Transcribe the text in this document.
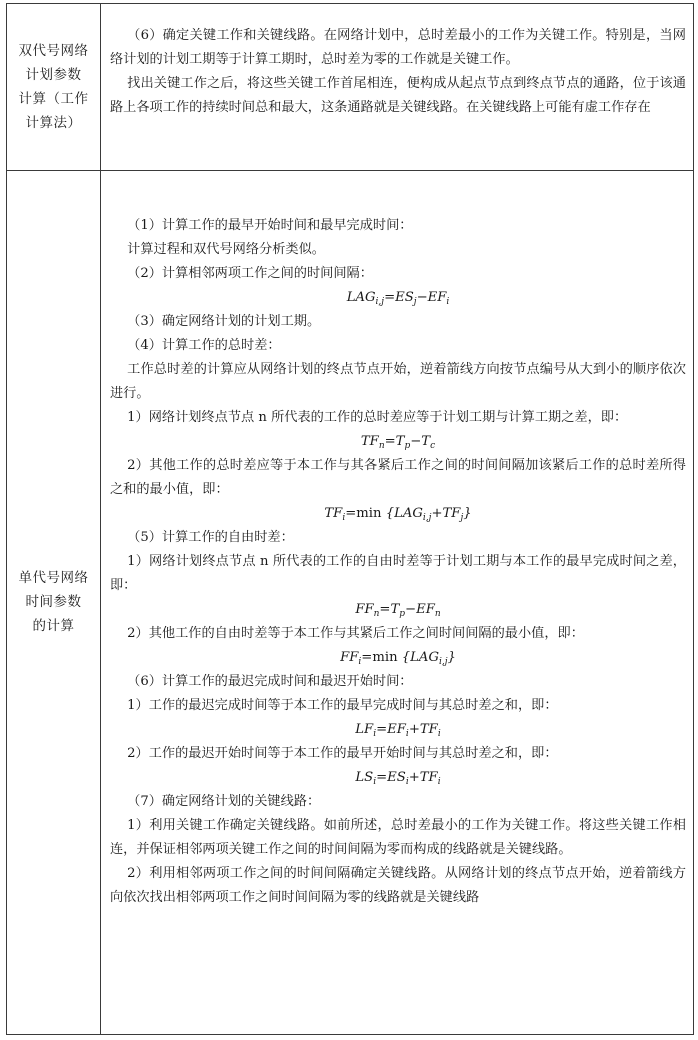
双代号网络
计划参数
计算（工作
计算法）

（6）确定关键工作和关键线路。在网络计划中，总时差最小的工作为关键工作。特别是，当网络计划的计划工期等于计算工期时，总时差为零的工作就是关键工作。

找出关键工作之后，将这些关键工作首尾相连，便构成从起点节点到终点节点的通路，位于该通路上各项工作的持续时间总和最大，这条通路就是关键线路。在关键线路上可能有虚工作存在

单代号网络
时间参数
的计算

（1）计算工作的最早开始时间和最早完成时间：

计算过程和双代号网络分析类似。

（2）计算相邻两项工作之间的时间间隔：

$LAG_{i,j}=ES_j-EF_i$

（3）确定网络计划的计划工期。

（4）计算工作的总时差：

工作总时差的计算应从网络计划的终点节点开始，逆着箭线方向按节点编号从大到小的顺序依次进行。

1）网络计划终点节点 n 所代表的工作的总时差应等于计划工期与计算工期之差，即：

$TF_n=T_p-T_c$

2）其他工作的总时差应等于本工作与其各紧后工作之间的时间间隔加该紧后工作的总时差所得之和的最小值，即：

$TF_i=\min$ $\{LAG_{i,j}+TF_j\}$

（5）计算工作的自由时差：

1）网络计划终点节点 n 所代表的工作的自由时差等于计划工期与本工作的最早完成时间之差，即：

$FF_n=T_p-EF_n$

2）其他工作的自由时差等于本工作与其紧后工作之间时间间隔的最小值，即：

$FF_i=\min$ $\{LAG_{i,j}\}$

（6）计算工作的最迟完成时间和最迟开始时间：

1）工作的最迟完成时间等于本工作的最早完成时间与其总时差之和，即：

$LF_i=EF_i+TF_i$

2）工作的最迟开始时间等于本工作的最早开始时间与其总时差之和，即：

$LS_i=ES_i+TF_i$

（7）确定网络计划的关键线路：

1）利用关键工作确定关键线路。如前所述，总时差最小的工作为关键工作。将这些关键工作相连，并保证相邻两项关键工作之间的时间间隔为零而构成的线路就是关键线路。

2）利用相邻两项工作之间的时间间隔确定关键线路。从网络计划的终点节点开始，逆着箭线方向依次找出相邻两项工作之间时间间隔为零的线路就是关键线路
